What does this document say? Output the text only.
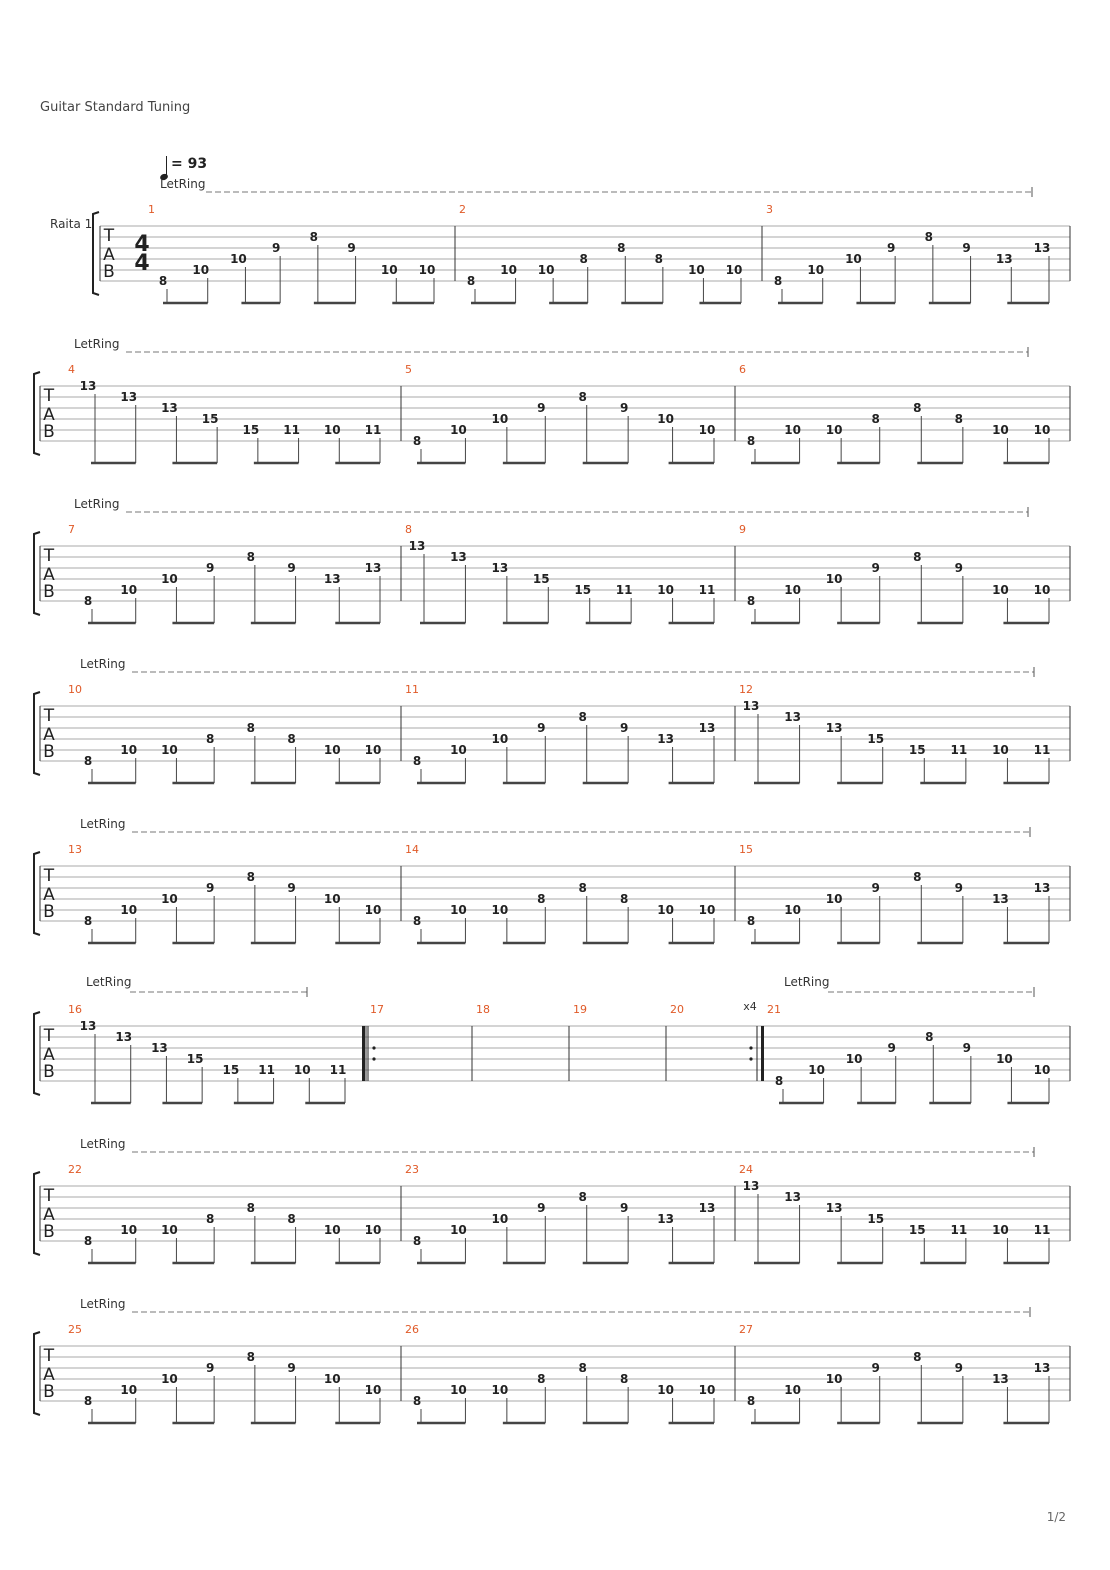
Guitar Standard Tuning
Raita 1
= 93
T
A
B
4
4
LetRing
1
8
10
10
9
8
9
10 10
2
8
10 10
8
8
8
10 10
3
8
10
10
9
8
9
13
13
T
A
B
LetRing
4
13
13
13
15
15 11 10 11
5
8
10
10
9
8
9
10
10
6
8
10 10
8
8
8
10 10
T
A
B
LetRing
7
8
10
10
9
8
9
13
13
8
13
13
13
15
15 11 10 11
9
8
10
10
9
8
9
10 10
T
A
B
LetRing
10
8
10 10
8
8
8
10 10
11
8
10
10
9
8
9
13
13
12
13
13
13
15
15 11 10 11
T
A
B
LetRing
13
8
10
10
9
8
9
10
10
14
8
10 10
8
8
8
10 10
15
8
10
10
9
8
9
13
13
T
A
B
x4
LetRing	LetRing
16
13
13
13
15
15 11 10 11
17	18	19	20	21
8
10
10
9
8
9
10
10
T
A
B
LetRing
22
8
10 10
8
8
8
10 10
23
8
10
10
9
8
9
13
13
24
13
13
13
15
15 11 10 11
T
A
B
LetRing
25
8
10
10
9
8
9
10
10
26
8
10 10
8
8
8
10 10
27
8
10
10
9
8
9
13
13
1/2
